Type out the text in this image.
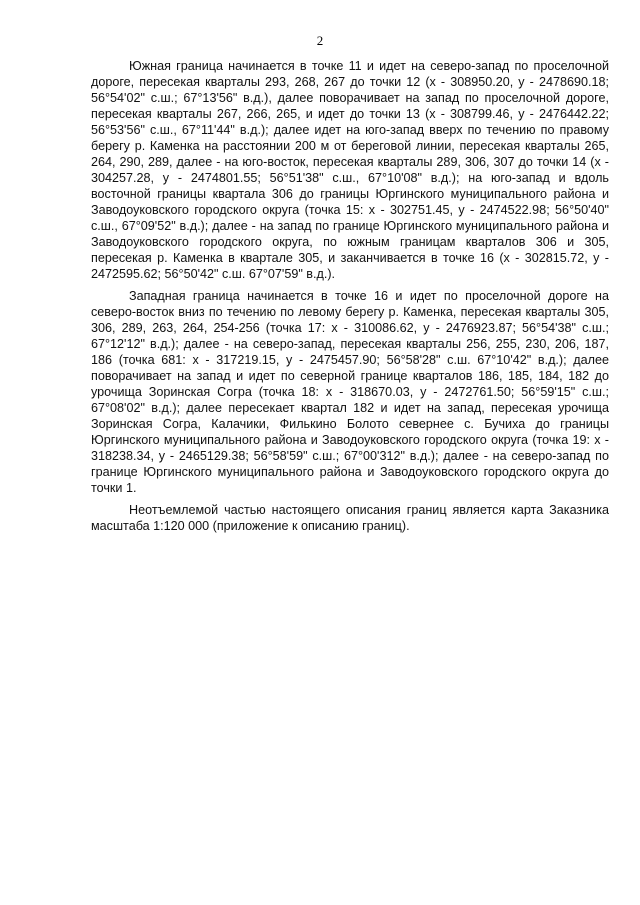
2

Южная граница начинается в точке 11 и идет на северо-запад по проселочной дороге, пересекая кварталы 293, 268, 267 до точки 12 (х - 308950.20, у - 2478690.18; 56°54'02" с.ш.; 67°13'56" в.д.), далее поворачивает на запад по проселочной дороге, пересекая кварталы 267, 266, 265, и идет до точки 13 (х - 308799.46, у - 2476442.22; 56°53'56" с.ш., 67°11'44" в.д.); далее идет на юго-запад вверх по течению по правому берегу р. Каменка на расстоянии 200 м от береговой линии, пересекая кварталы 265, 264, 290, 289, далее - на юго-восток, пересекая кварталы 289, 306, 307 до точки 14 (х - 304257.28, у - 2474801.55; 56°51'38" с.ш., 67°10'08" в.д.); на юго-запад и вдоль восточной границы квартала 306 до границы Юргинского муниципального района и Заводоуковского городского округа (точка 15: х - 302751.45, у - 2474522.98; 56°50'40" с.ш., 67°09'52" в.д.); далее - на запад по границе Юргинского муниципального района и Заводоуковского городского округа, по южным границам кварталов 306 и 305, пересекая р. Каменка в квартале 305, и заканчивается в точке 16 (х - 302815.72, у - 2472595.62; 56°50'42" с.ш. 67°07'59" в.д.).

Западная граница начинается в точке 16 и идет по проселочной дороге на северо-восток вниз по течению по левому берегу р. Каменка, пересекая кварталы 305, 306, 289, 263, 264, 254-256 (точка 17: х - 310086.62, у - 2476923.87; 56°54'38" с.ш.; 67°12'12" в.д.); далее - на северо-запад, пересекая кварталы 256, 255, 230, 206, 187, 186 (точка 681: х - 317219.15, у - 2475457.90; 56°58'28" с.ш. 67°10'42" в.д.); далее поворачивает на запад и идет по северной границе кварталов 186, 185, 184, 182 до урочища Зоринская Согра (точка 18: х - 318670.03, у - 2472761.50; 56°59'15" с.ш.; 67°08'02" в.д.); далее пересекает квартал 182 и идет на запад, пересекая урочища Зоринская Согра, Калачики, Филькино Болото севернее с. Бучиха до границы Юргинского муниципального района и Заводоуковского городского округа (точка 19: х - 318238.34, у - 2465129.38; 56°58'59" с.ш.; 67°00'312" в.д.); далее - на северо-запад по границе Юргинского муниципального района и Заводоуковского городского округа до точки 1.

Неотъемлемой частью настоящего описания границ является карта Заказника масштаба 1:120 000 (приложение к описанию границ).
